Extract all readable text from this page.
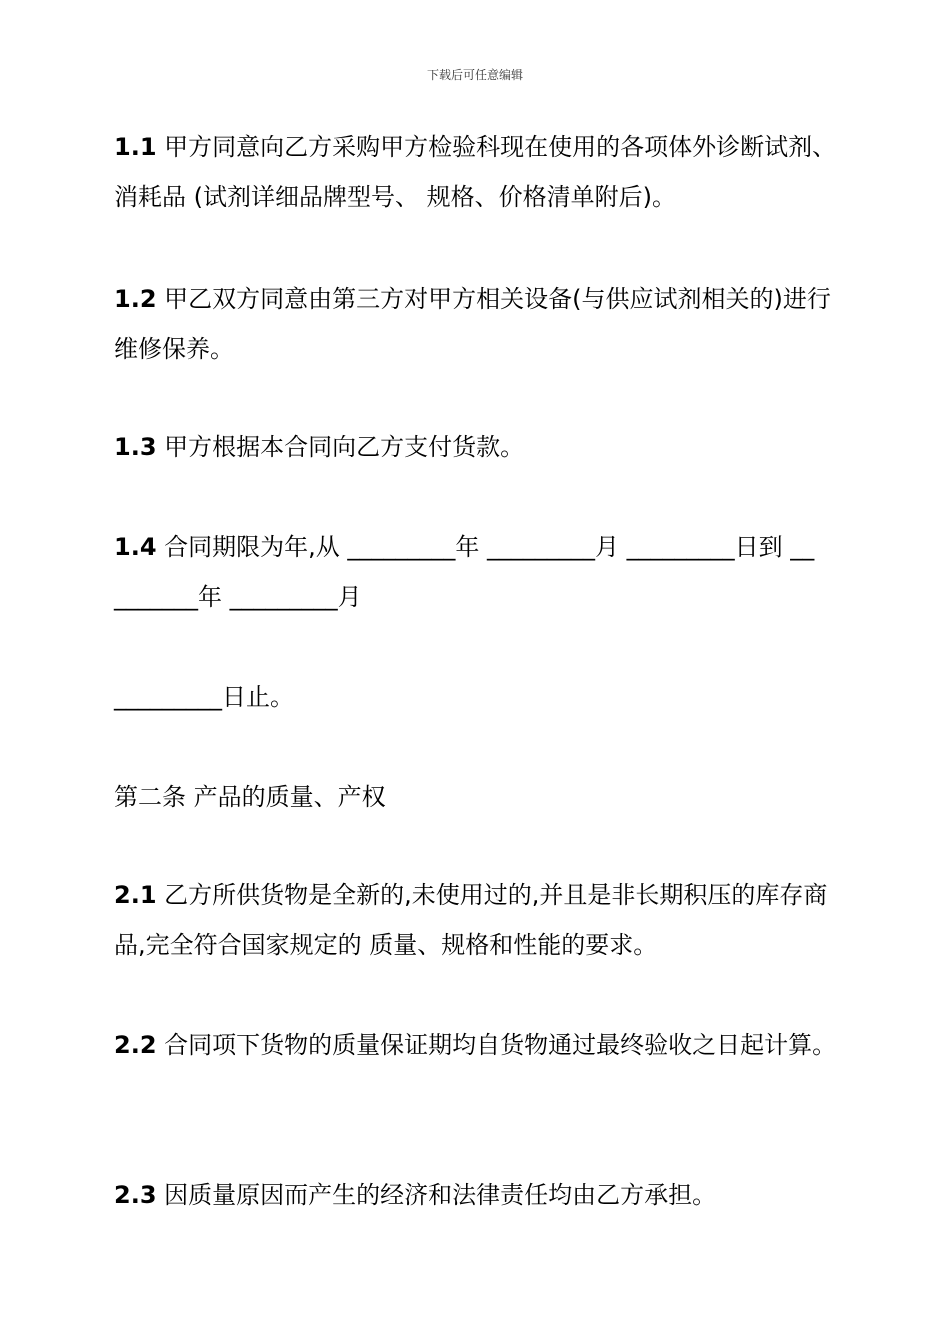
下载后可任意编辑

1.1 甲方同意向乙方采购甲方检验科现在使用的各项体外诊断试剂、 消耗品 (试剂详细品牌型号、 规格、价格清单附后)。

1.2 甲乙双方同意由第三方对甲方相关设备(与供应试剂相关的)进行维修保养。

1.3 甲方根据本合同向乙方支付货款。

1.4 合同期限为年,从 _________年 _________月 _________日到 __

_______年 _________月

_________日止。

第二条 产品的质量、产权

2.1 乙方所供货物是全新的,未使用过的,并且是非长期积压的库存商品,完全符合国家规定的 质量、规格和性能的要求。

2.2 合同项下货物的质量保证期均自货物通过最终验收之日起计算。

2.3 因质量原因而产生的经济和法律责任均由乙方承担。
